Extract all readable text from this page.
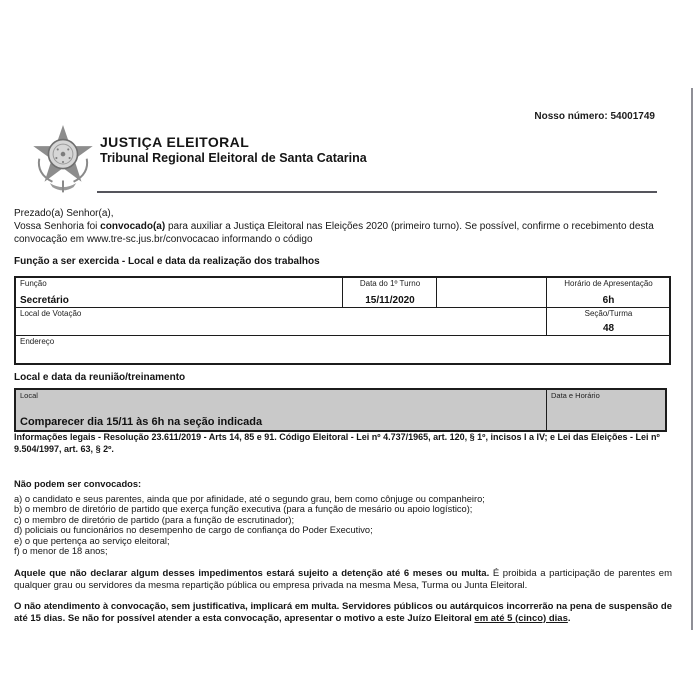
Nosso número: 54001749
JUSTIÇA ELEITORAL
Tribunal Regional Eleitoral de Santa Catarina
Prezado(a) Senhor(a),
Vossa Senhoria foi convocado(a) para auxiliar a Justiça Eleitoral nas Eleições 2020 (primeiro turno). Se possível, confirme o recebimento desta convocação em www.tre-sc.jus.br/convocacao informando o código
Função a ser exercida - Local e data da realização dos trabalhos
Função
Secretário
Data do 1º Turno
15/11/2020
Horário de Apresentação
6h
Local de Votação	Seção/Turma
48
Endereço
Local e data da reunião/treinamento
Local
Comparecer dia 15/11 às 6h na seção indicada
Data e Horário
Informações legais - Resolução 23.611/2019 - Arts 14, 85 e 91. Código Eleitoral - Lei nº 4.737/1965, art. 120, § 1º, incisos I a IV; e Lei das Eleições - Lei nº 9.504/1997, art. 63, § 2º.
Não podem ser convocados:
a) o candidato e seus parentes, ainda que por afinidade, até o segundo grau, bem como cônjuge ou companheiro;
b) o membro de diretório de partido que exerça função executiva (para a função de mesário ou apoio logístico);
c) o membro de diretório de partido (para a função de escrutinador);
d) policiais ou funcionários no desempenho de cargo de confiança do Poder Executivo;
e) o que pertença ao serviço eleitoral;
f) o menor de 18 anos;
Aquele que não declarar algum desses impedimentos estará sujeito a detenção até 6 meses ou multa. É proibida a participação de parentes em qualquer grau ou servidores da mesma repartição pública ou empresa privada na mesma Mesa, Turma ou Junta Eleitoral.
O não atendimento à convocação, sem justificativa, implicará em multa. Servidores públicos ou autárquicos incorrerão na pena de suspensão de até 15 dias. Se não for possível atender a esta convocação, apresentar o motivo a este Juízo Eleitoral em até 5 (cinco) dias.
